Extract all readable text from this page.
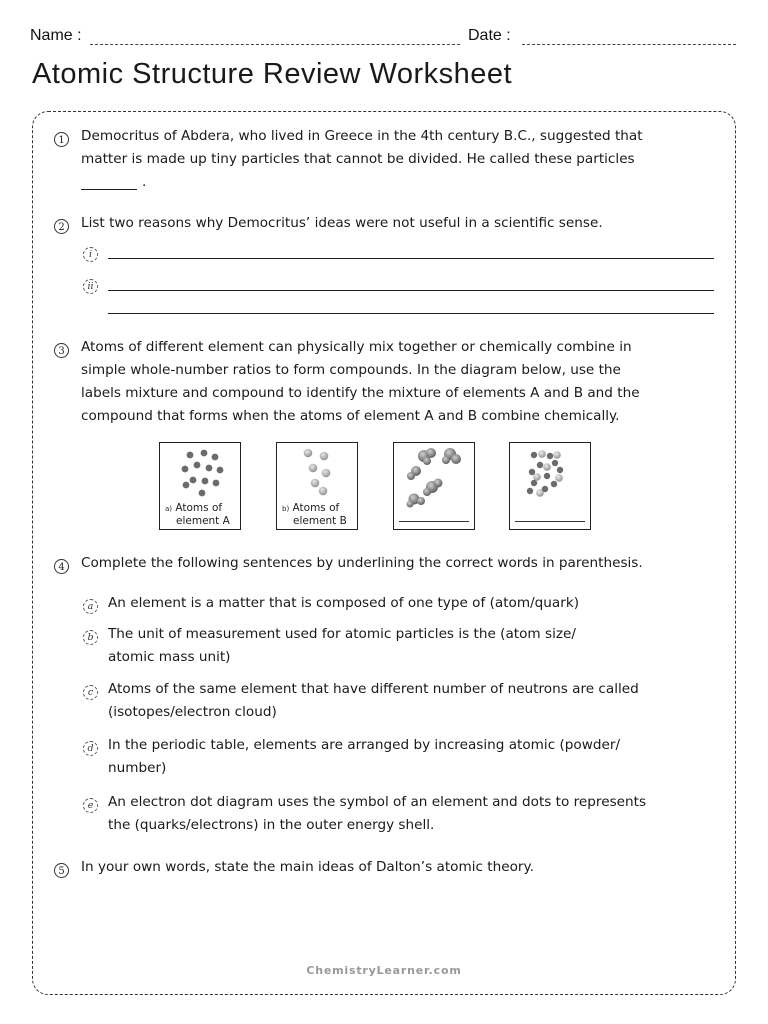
Name :	Date :
Atomic Structure Review Worksheet
1	Democritus of Abdera, who lived in Greece in the 4th century B.C., suggested that
matter is made up tiny particles that cannot be divided. He called these particles
.
2	List two reasons why Democritus’ ideas were not useful in a scientific sense.
i
ii
3	Atoms of different element can physically mix together or chemically combine in
simple whole-number ratios to form compounds. In the diagram below, use the
labels mixture and compound to identify the mixture of elements A and B and the
compound that forms when the atoms of element A and B combine chemically.
a) Atoms of
element A
b) Atoms of
element B
4	Complete the following sentences by underlining the correct words in parenthesis.
a	An element is a matter that is composed of one type of (atom/quark)
b	The unit of measurement used for atomic particles is the (atom size/
atomic mass unit)
c	Atoms of the same element that have different number of neutrons are called
(isotopes/electron cloud)
d	In the periodic table, elements are arranged by increasing atomic (powder/
number)
e	An electron dot diagram uses the symbol of an element and dots to represents
the (quarks/electrons) in the outer energy shell.
5	In your own words, state the main ideas of Dalton’s atomic theory.
ChemistryLearner.com
